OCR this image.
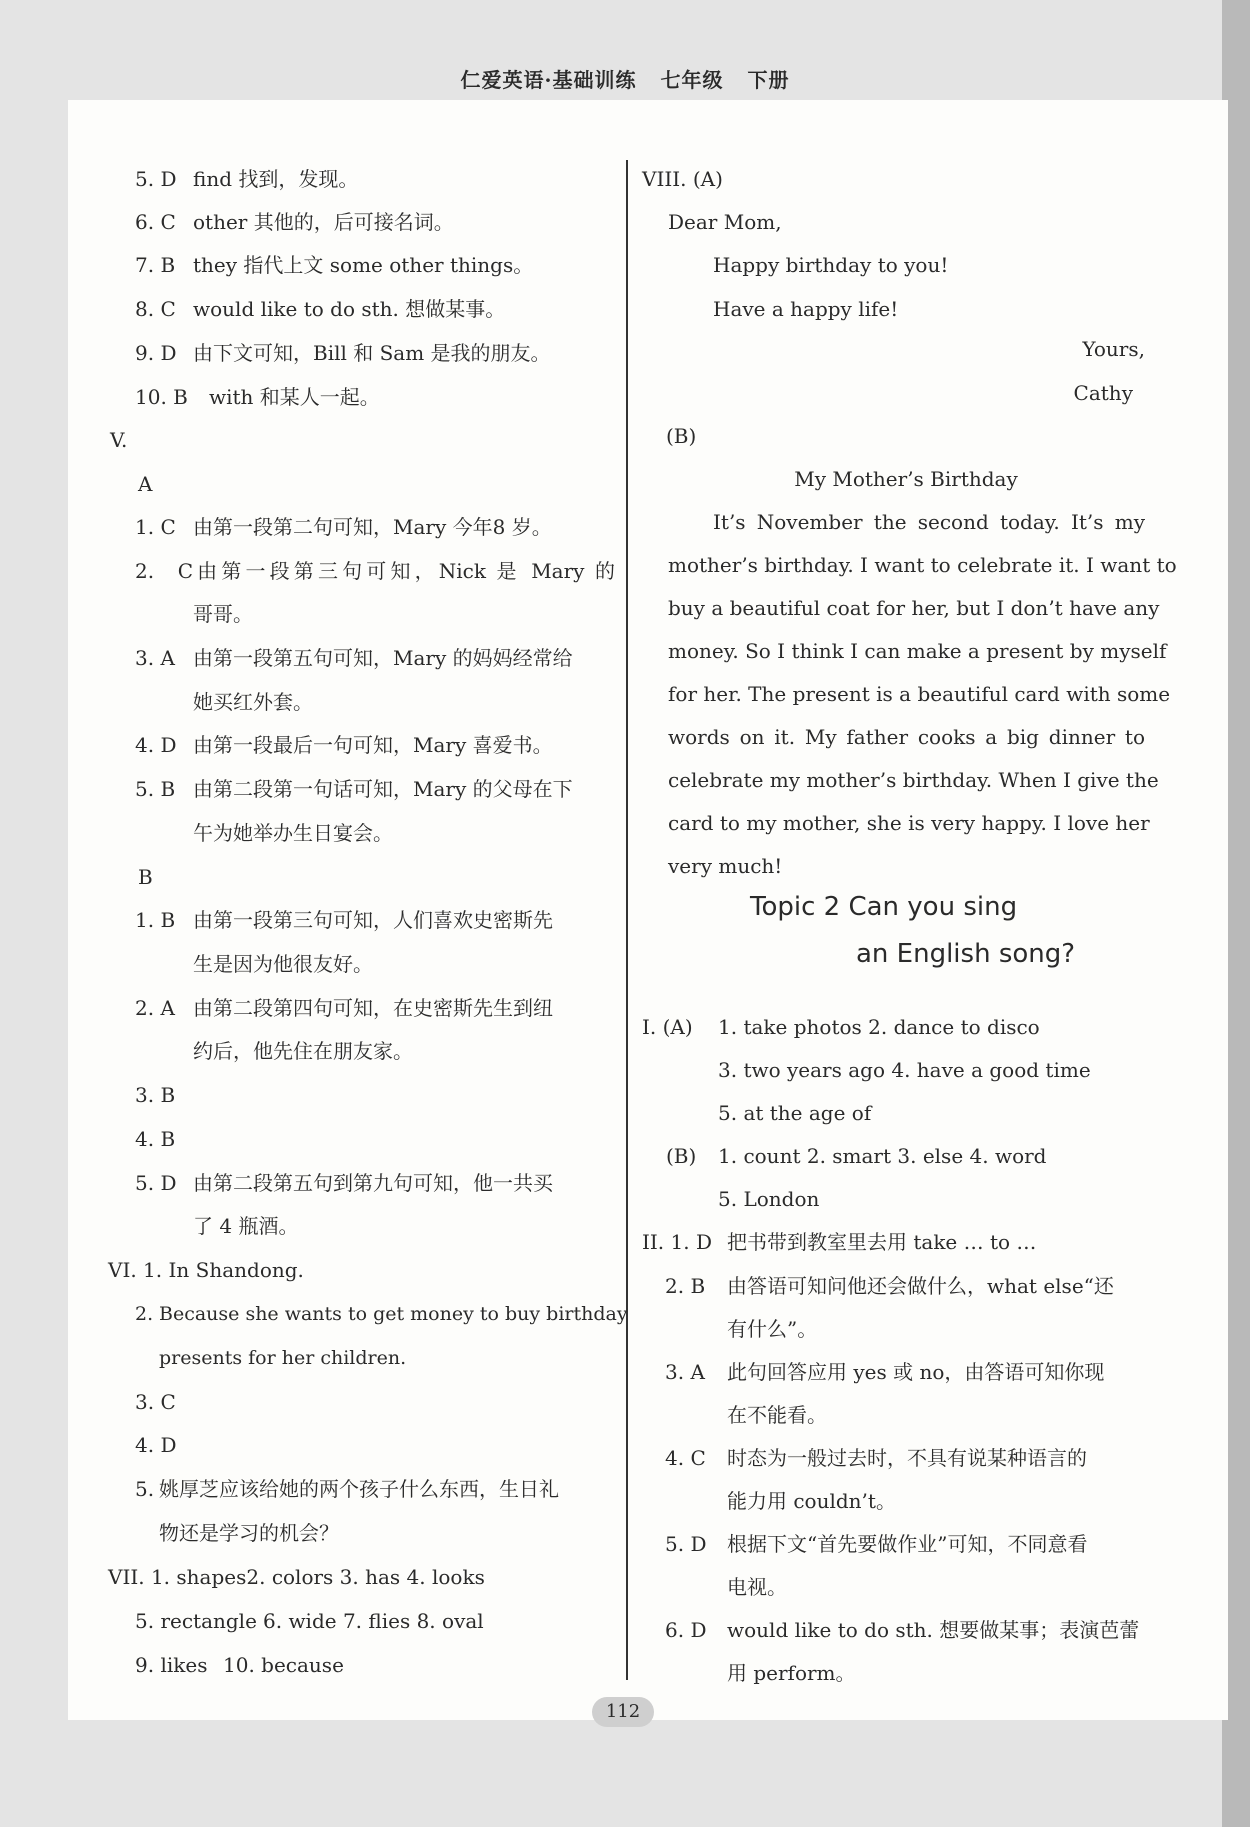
仁爱英语·基础训练 七年级 下册
5. D find 找到，发现。
6. C other 其他的，后可接名词。
7. B they 指代上文 some other things。
8. C would like to do sth. 想做某事。
9. D 由下文可知，Bill 和 Sam 是我的朋友。
10. B with 和某人一起。
V.
A
1. C 由第一段第二句可知，Mary 今年8 岁。
2. C由第一段第三句可知，Nick 是 Mary 的
哥哥。
3. A 由第一段第五句可知，Mary 的妈妈经常给
她买红外套。
4. D 由第一段最后一句可知，Mary 喜爱书。
5. B 由第二段第一句话可知，Mary 的父母在下
午为她举办生日宴会。
B
1. B 由第一段第三句可知，人们喜欢史密斯先
生是因为他很友好。
2. A 由第二段第四句可知，在史密斯先生到纽
约后，他先住在朋友家。
3. B
4. B
5. D 由第二段第五句到第九句可知，他一共买
了 4 瓶酒。
VI. 1. In Shandong.
2. Because she wants to get money to buy birthday
presents for her children.
3. C
4. D
5. 姚厚芝应该给她的两个孩子什么东西，生日礼
物还是学习的机会？
VII. 1. shapes2. colors 3. has 4. looks
5. rectangle 6. wide 7. flies 8. oval
9. likes 10. because
VIII. (A)
Dear Mom,
Happy birthday to you!
Have a happy life!
Yours,
Cathy
(B)
My Mother’s Birthday
It’s November the second today. It’s my
mother’s birthday. I want to celebrate it. I want to
buy a beautiful coat for her, but I don’t have any
money. So I think I can make a present by myself
for her. The present is a beautiful card with some
words on it. My father cooks a big dinner to
celebrate my mother’s birthday. When I give the
card to my mother, she is very happy. I love her
very much!
Topic 2 Can you sing
an English song?
I. (A) 1. take photos 2. dance to disco
3. two years ago 4. have a good time
5. at the age of
(B) 1. count 2. smart 3. else 4. word
5. London
II. 1. D 把书带到教室里去用 take … to …
2. B 由答语可知问他还会做什么，what else“还
有什么”。
3. A 此句回答应用 yes 或 no，由答语可知你现
在不能看。
4. C 时态为一般过去时，不具有说某种语言的
能力用 couldn’t。
5. D 根据下文“首先要做作业”可知，不同意看
电视。
6. D would like to do sth. 想要做某事；表演芭蕾
用 perform。
112
